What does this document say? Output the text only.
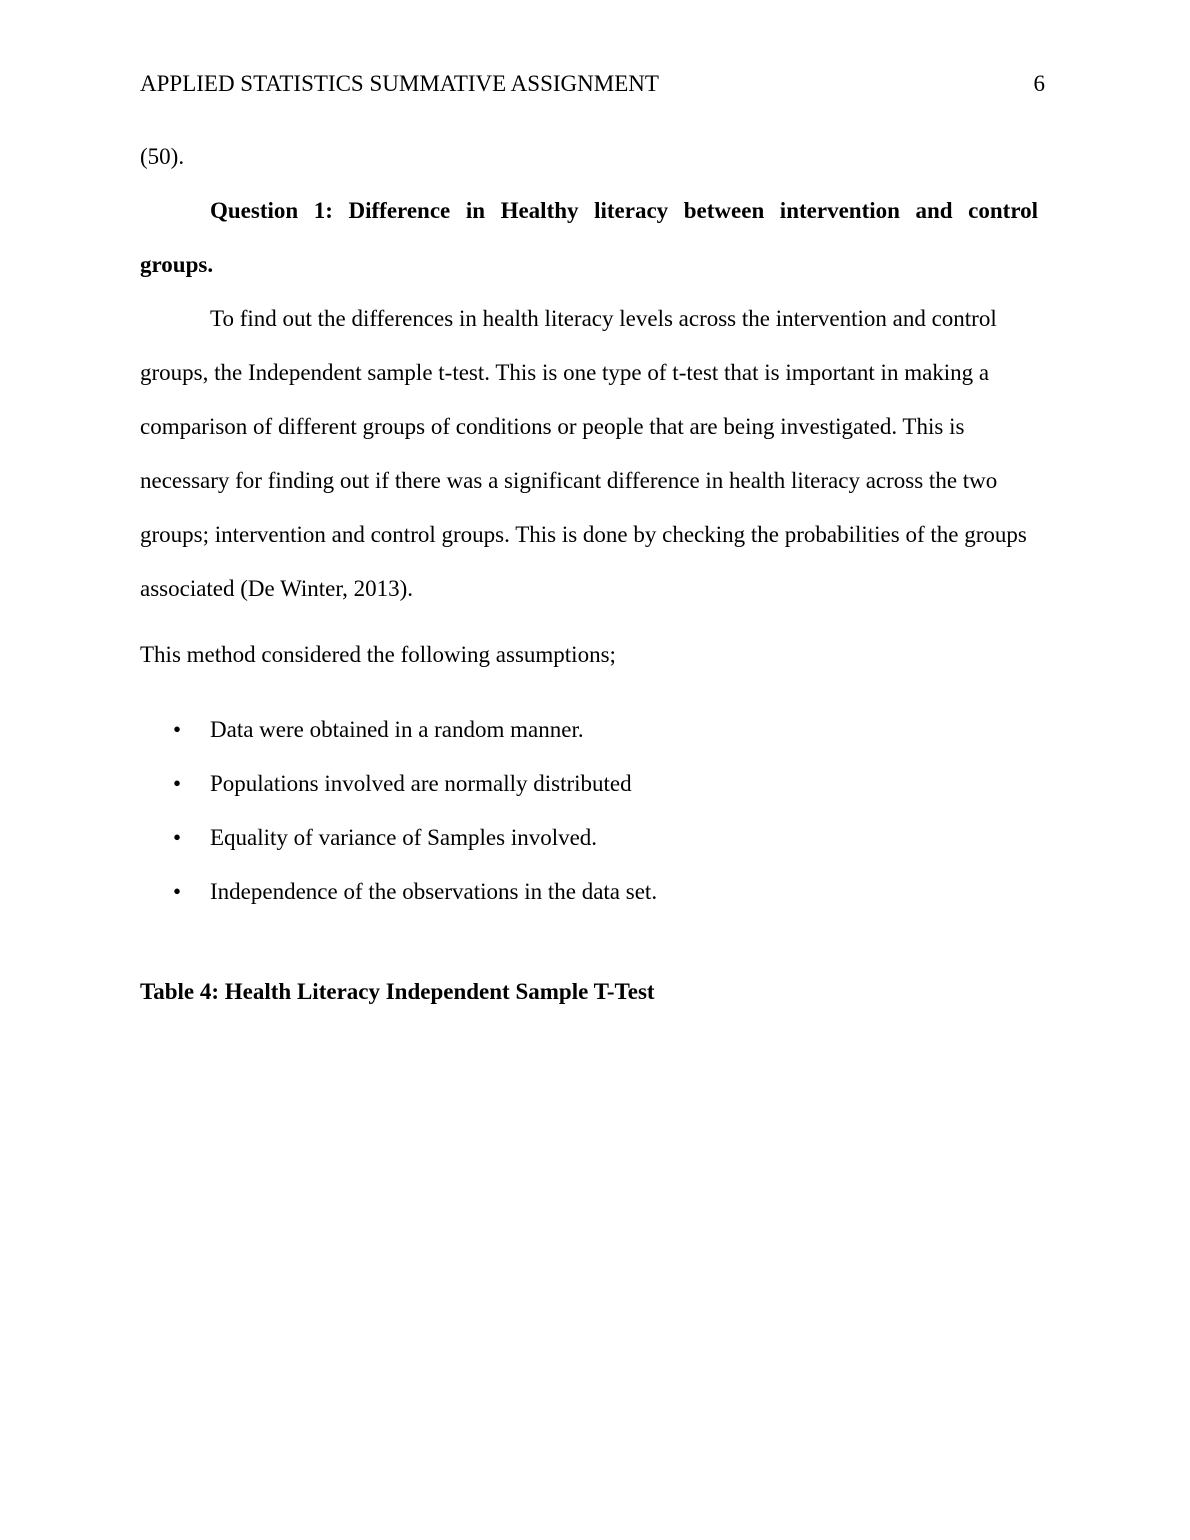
APPLIED STATISTICS SUMMATIVE ASSIGNMENT	6
(50).
Question 1: Difference in Healthy literacy between intervention and control
groups.
To find out the differences in health literacy levels across the intervention and control
groups, the Independent sample t-test. This is one type of t-test that is important in making a
comparison of different groups of conditions or people that are being investigated. This is
necessary for finding out if there was a significant difference in health literacy across the two
groups; intervention and control groups. This is done by checking the probabilities of the groups
associated (De Winter, 2013).
This method considered the following assumptions;
• Data were obtained in a random manner.
• Populations involved are normally distributed
• Equality of variance of Samples involved.
• Independence of the observations in the data set.
Table 4: Health Literacy Independent Sample T-Test
